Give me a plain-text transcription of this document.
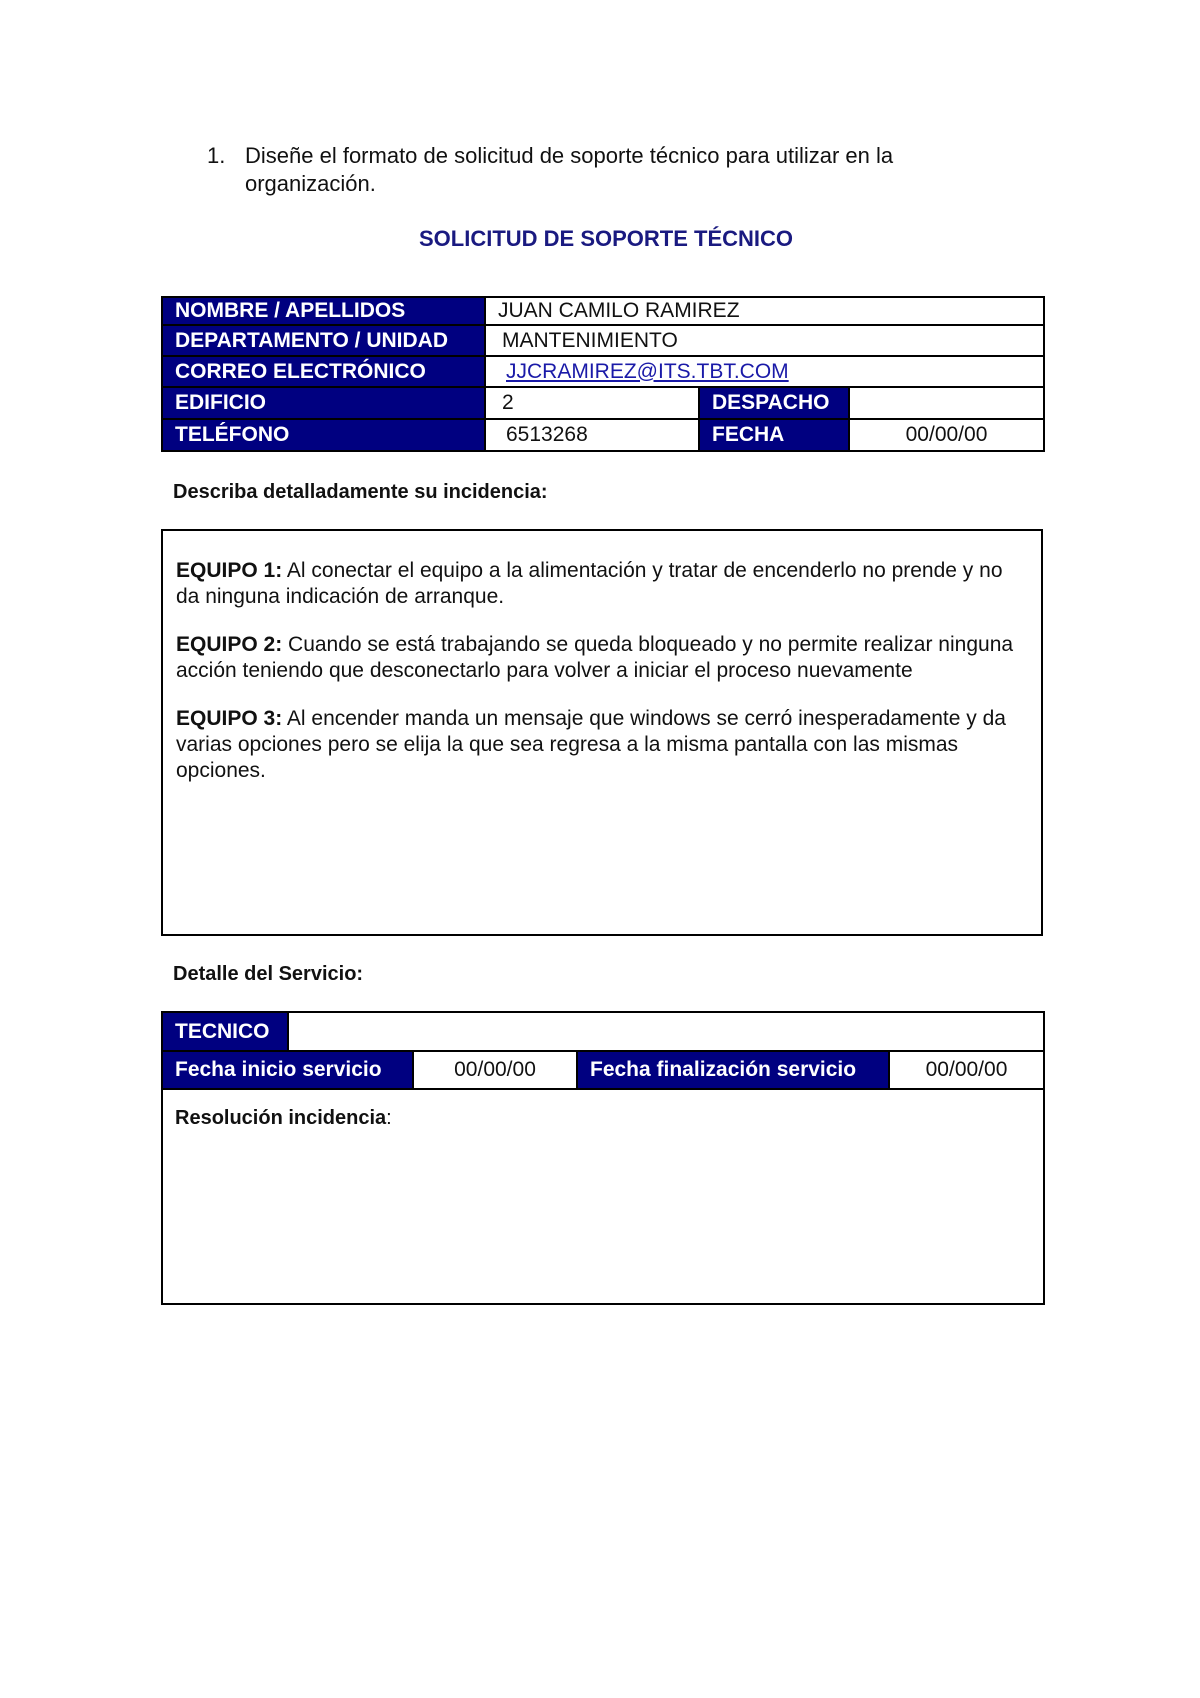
1. Diseñe el formato de solicitud de soporte técnico para utilizar en la organización.
SOLICITUD DE SOPORTE TÉCNICO
NOMBRE / APELLIDOS	JUAN CAMILO RAMIREZ		
DEPARTAMENTO / UNIDAD	MANTENIMIENTO		
CORREO ELECTRÓNICO	JJCRAMIREZ@ITS.TBT.COM		
EDIFICIO	2	DESPACHO	
TELÉFONO	6513268	FECHA	00/00/00
Describa detalladamente su incidencia:

EQUIPO 1: Al conectar el equipo a la alimentación y tratar de encenderlo no prende y no da ninguna indicación de arranque.

EQUIPO 2: Cuando se está trabajando se queda bloqueado y no permite realizar ninguna acción teniendo que desconectarlo para volver a iniciar el proceso nuevamente

EQUIPO 3: Al encender manda un mensaje que windows se cerró inesperadamente y da varias opciones pero se elija la que sea regresa a la misma pantalla con las mismas opciones.

Detalle del Servicio:
TECNICO				
Fecha inicio servicio		00/00/00	Fecha finalización servicio	00/00/00
Resolución incidencia:				
